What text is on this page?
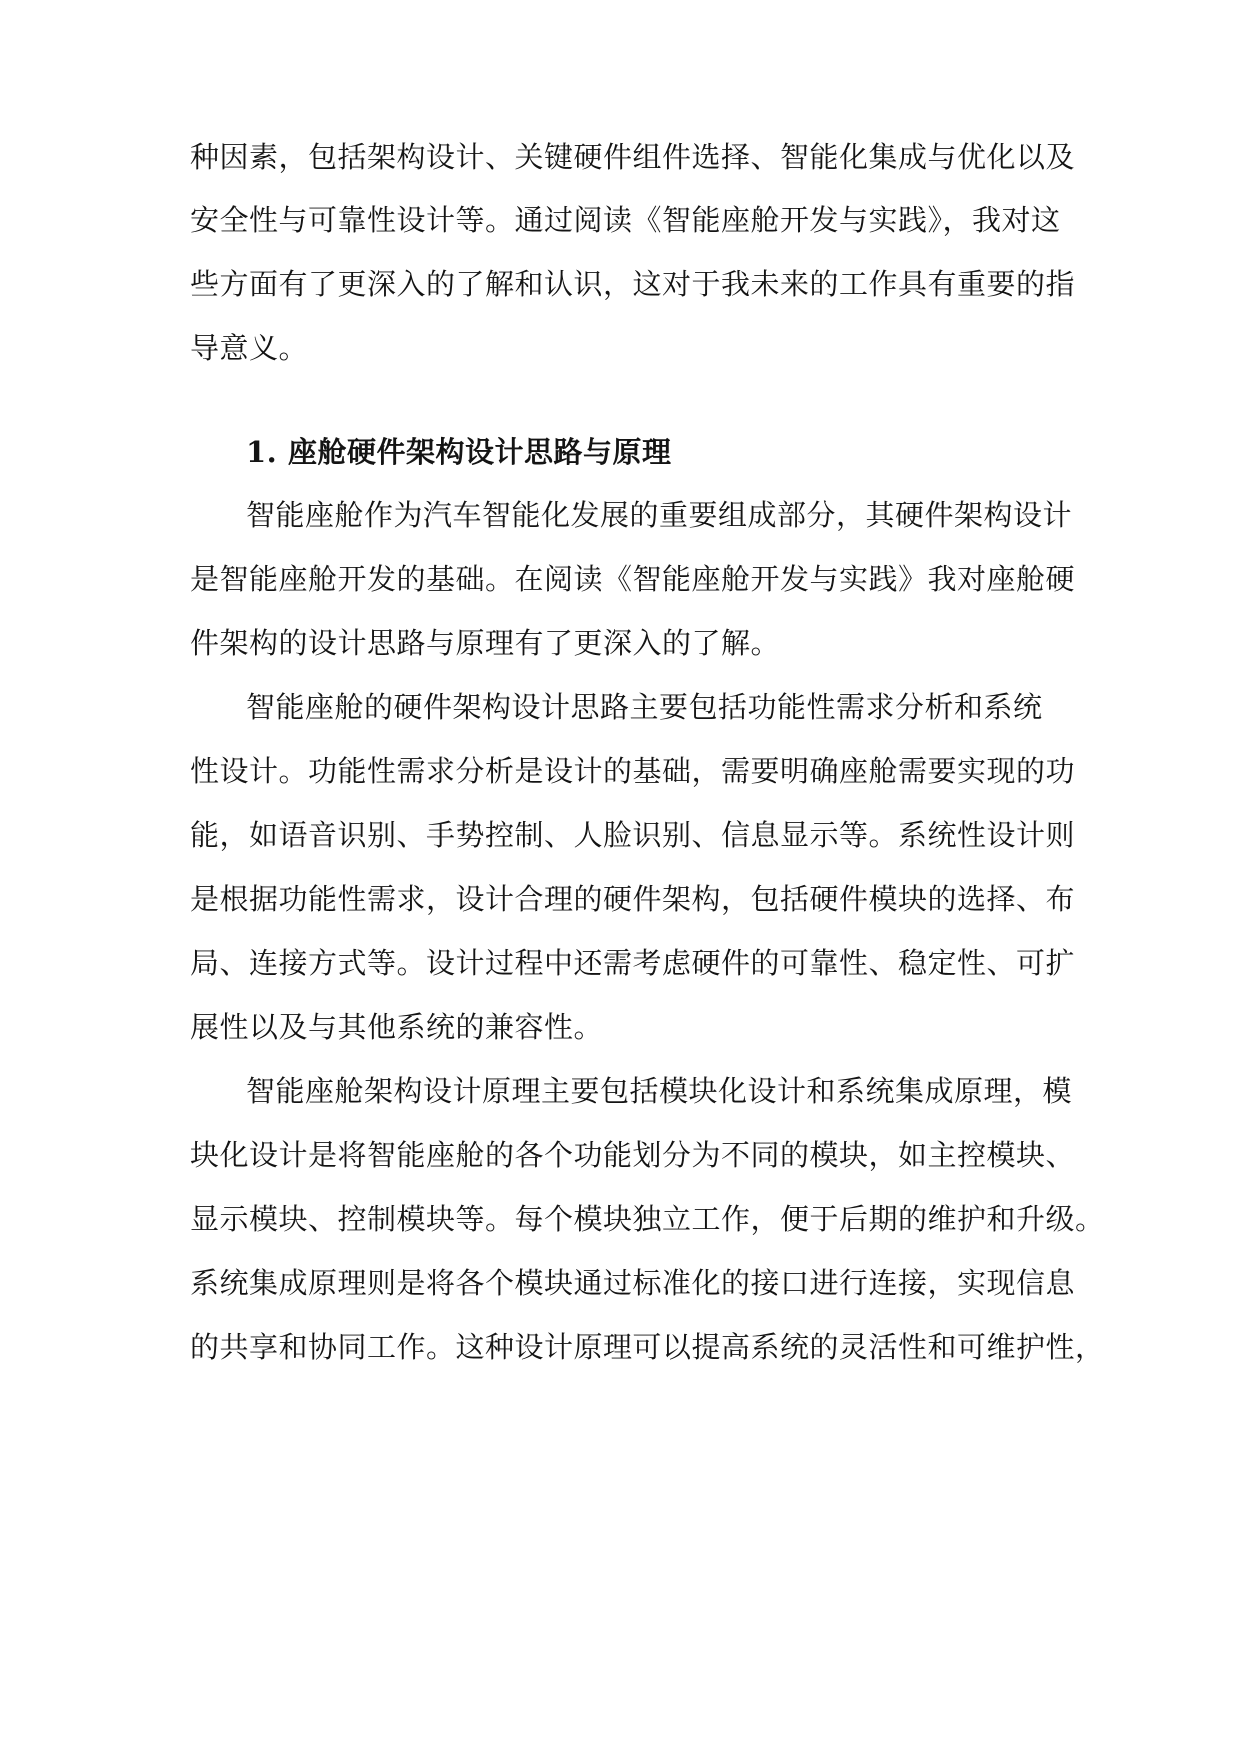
种因素，包括架构设计、关键硬件组件选择、智能化集成与优化以及
安全性与可靠性设计等。通过阅读《智能座舱开发与实践》，我对这
些方面有了更深入的了解和认识，这对于我未来的工作具有重要的指
导意义。
1. 座舱硬件架构设计思路与原理
智能座舱作为汽车智能化发展的重要组成部分，其硬件架构设计
是智能座舱开发的基础。在阅读《智能座舱开发与实践》我对座舱硬
件架构的设计思路与原理有了更深入的了解。
智能座舱的硬件架构设计思路主要包括功能性需求分析和系统
性设计。功能性需求分析是设计的基础，需要明确座舱需要实现的功
能，如语音识别、手势控制、人脸识别、信息显示等。系统性设计则
是根据功能性需求，设计合理的硬件架构，包括硬件模块的选择、布
局、连接方式等。设计过程中还需考虑硬件的可靠性、稳定性、可扩
展性以及与其他系统的兼容性。
智能座舱架构设计原理主要包括模块化设计和系统集成原理，模
块化设计是将智能座舱的各个功能划分为不同的模块，如主控模块、
显示模块、控制模块等。每个模块独立工作，便于后期的维护和升级。
系统集成原理则是将各个模块通过标准化的接口进行连接，实现信息
的共享和协同工作。这种设计原理可以提高系统的灵活性和可维护性，
